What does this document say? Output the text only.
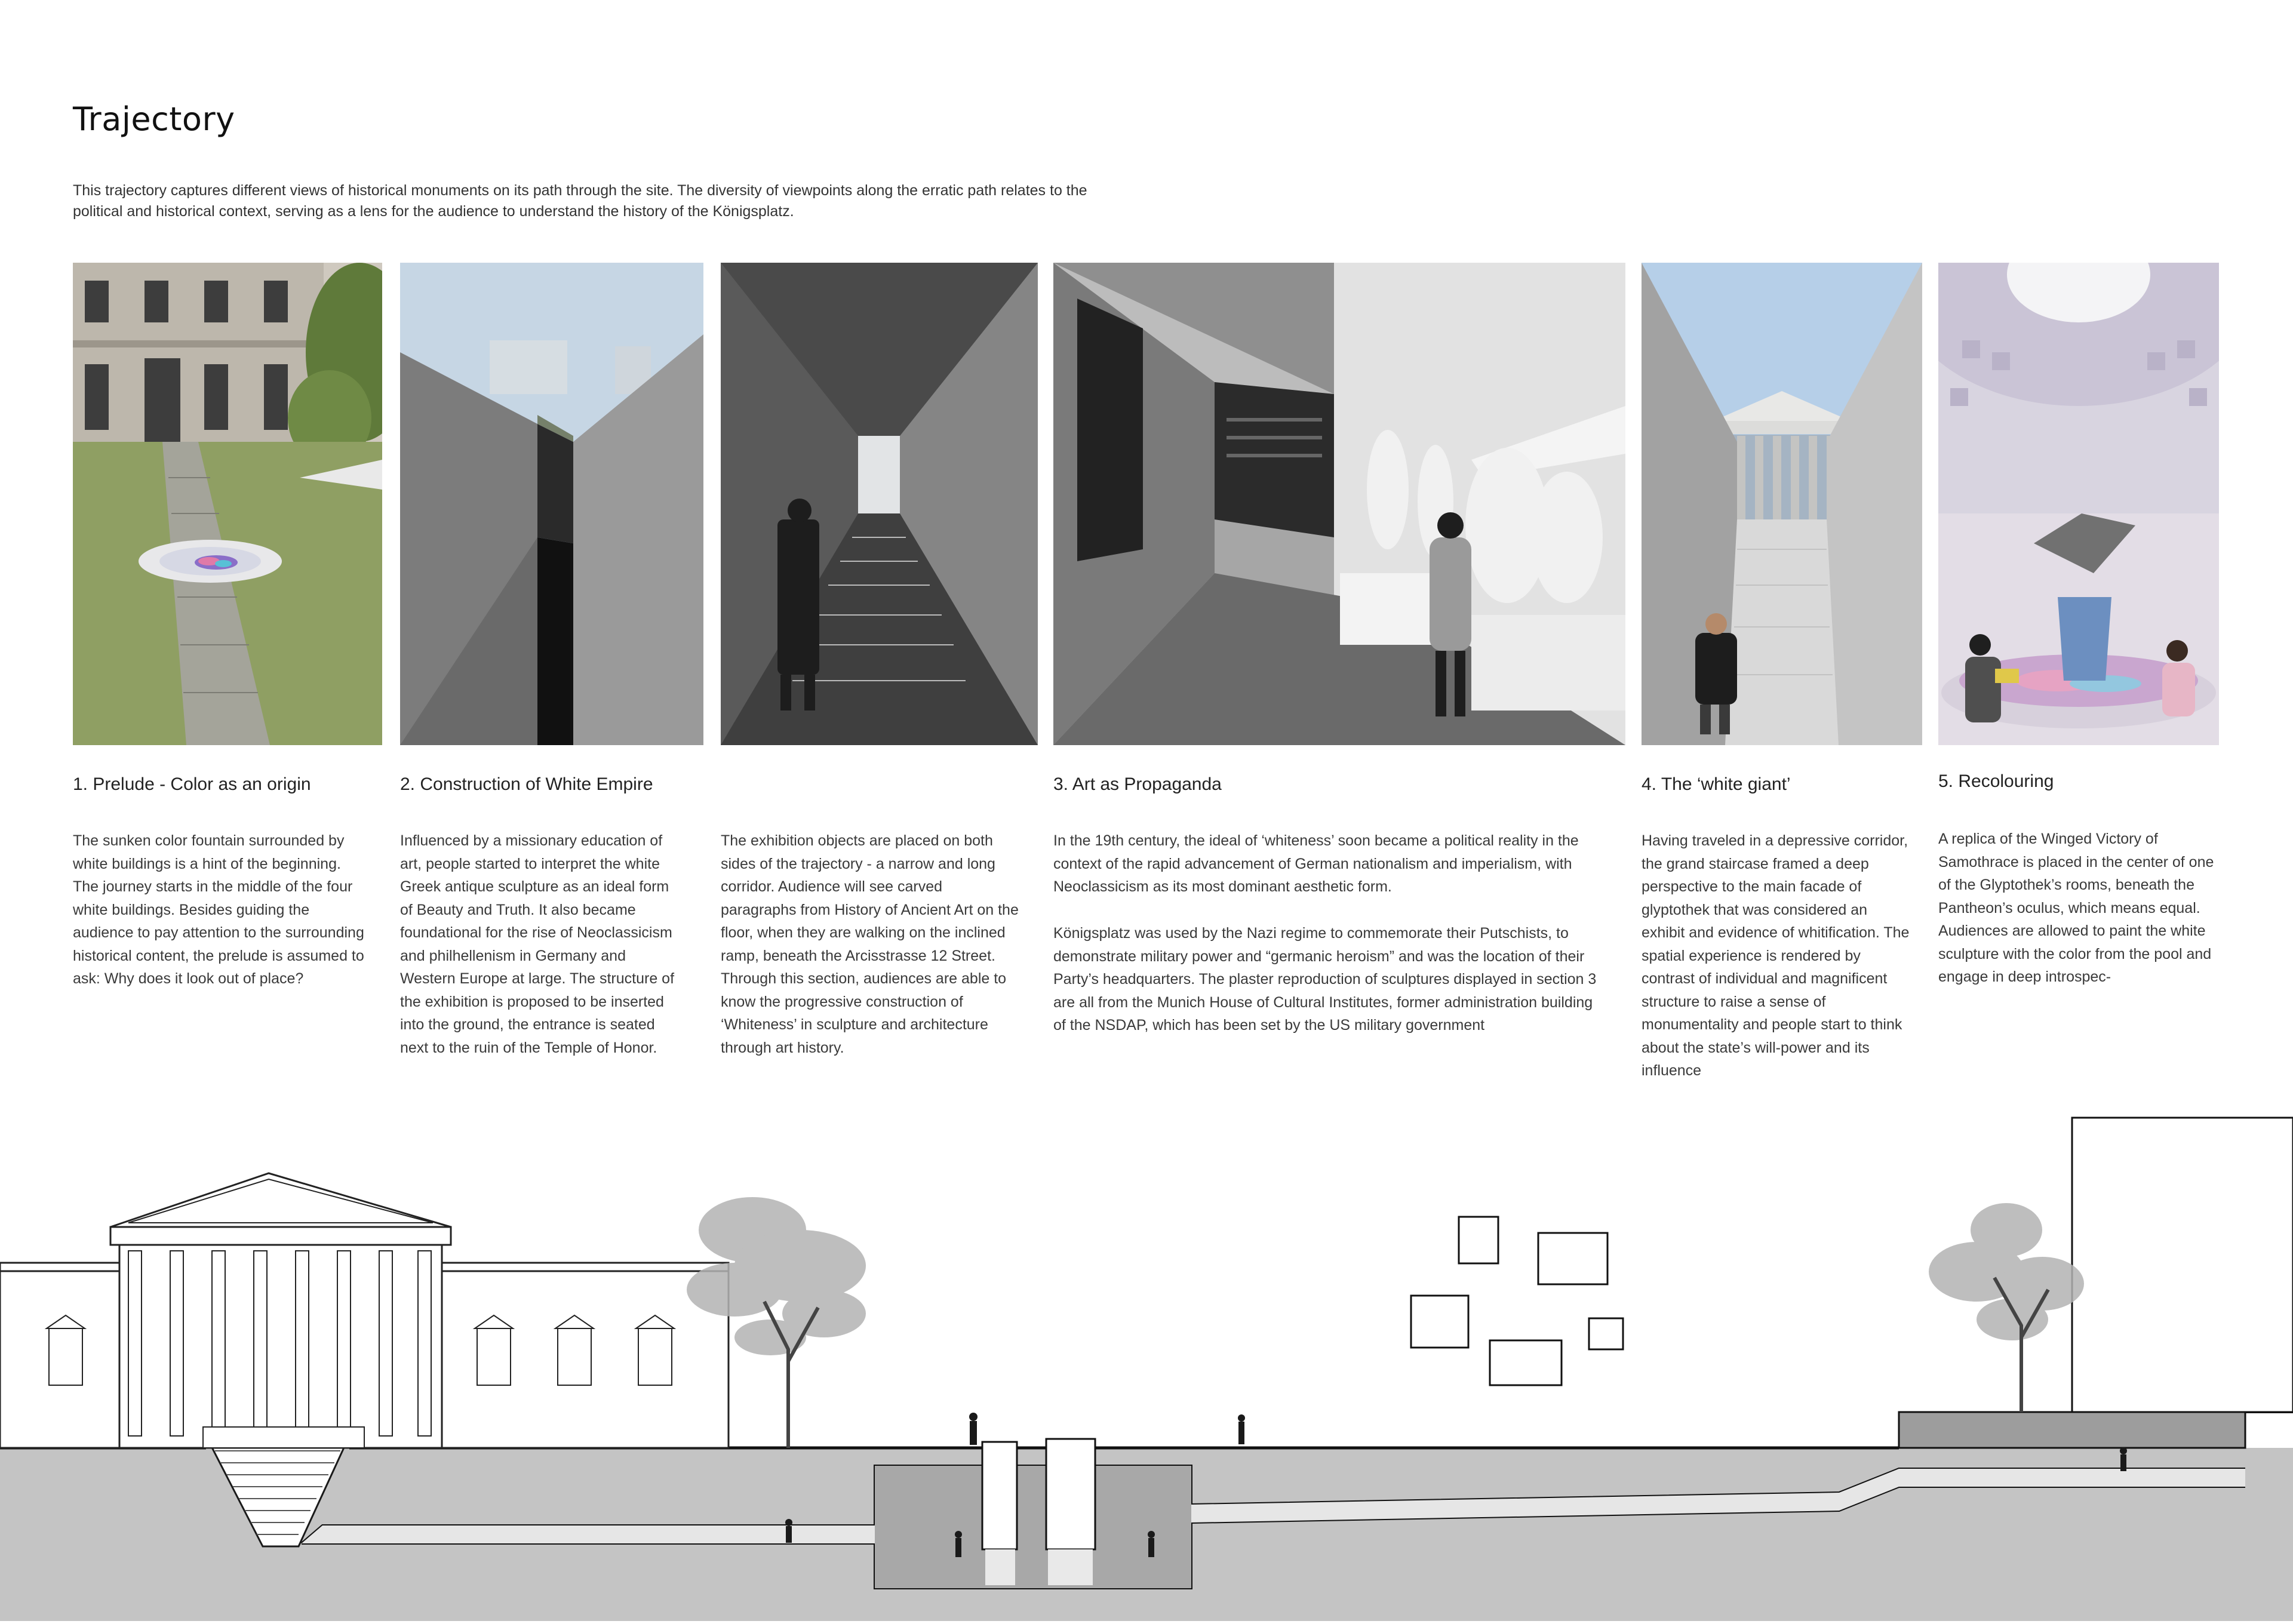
Trajectory
This trajectory captures different views of historical monuments on its path through the site. The diversity of viewpoints along the erratic path relates to the political and historical context, serving as a lens for the audience to understand the history of the Königsplatz.
1. Prelude - Color as an origin
The sunken color fountain surrounded by white buildings is a hint of the beginning. The journey starts in the middle of the four white buildings. Besides guiding the audience to pay attention to the surrounding historical content, the prelude is assumed to ask: Why does it look out of place?
2. Construction of White Empire
Influenced by a missionary education of art, people started to interpret the white Greek antique sculpture as an ideal form of Beauty and Truth. It also became foundational for the rise of Neoclassicism and philhellenism in Germany and Western Europe at large. The structure of the exhibition is proposed to be inserted into the ground, the entrance is seated next to the ruin of the Temple of Honor.
The exhibition objects are placed on both sides of the trajectory - a narrow and long corridor. Audience will see carved paragraphs from History of Ancient Art on the floor, when they are walking on the inclined ramp, beneath the Arcisstrasse 12 Street. Through this section, audiences are able to know the progressive construction of ‘Whiteness’ in sculpture and architecture through art history.
3. Art as Propaganda
In the 19th century, the ideal of ‘whiteness’ soon became a political reality in the context of the rapid advancement of German nationalism and imperialism, with Neoclassicism as its most dominant aesthetic form.
Königsplatz was used by the Nazi regime to commemorate their Putschists, to demonstrate military power and “germanic heroism” and was the location of their Party’s headquarters. The plaster reproduction of sculptures displayed in section 3 are all from the Munich House of Cultural Institutes, former administration building of the NSDAP, which has been set by the US military government
4. The ‘white giant’
Having traveled in a depressive corridor, the grand staircase framed a deep perspective to the main facade of glyptothek that was considered an exhibit and evidence of whitification. The spatial experience is rendered by contrast of individual and magnificent structure to raise a sense of monumentality and people start to think about the state’s will-power and its influence
5. Recolouring
A replica of the Winged Victory of Samothrace is placed in the center of one of the Glyptothek’s rooms, beneath the Pantheon’s oculus, which means equal. Audiences are allowed to paint the white sculpture with the color from the pool and engage in deep introspec-
